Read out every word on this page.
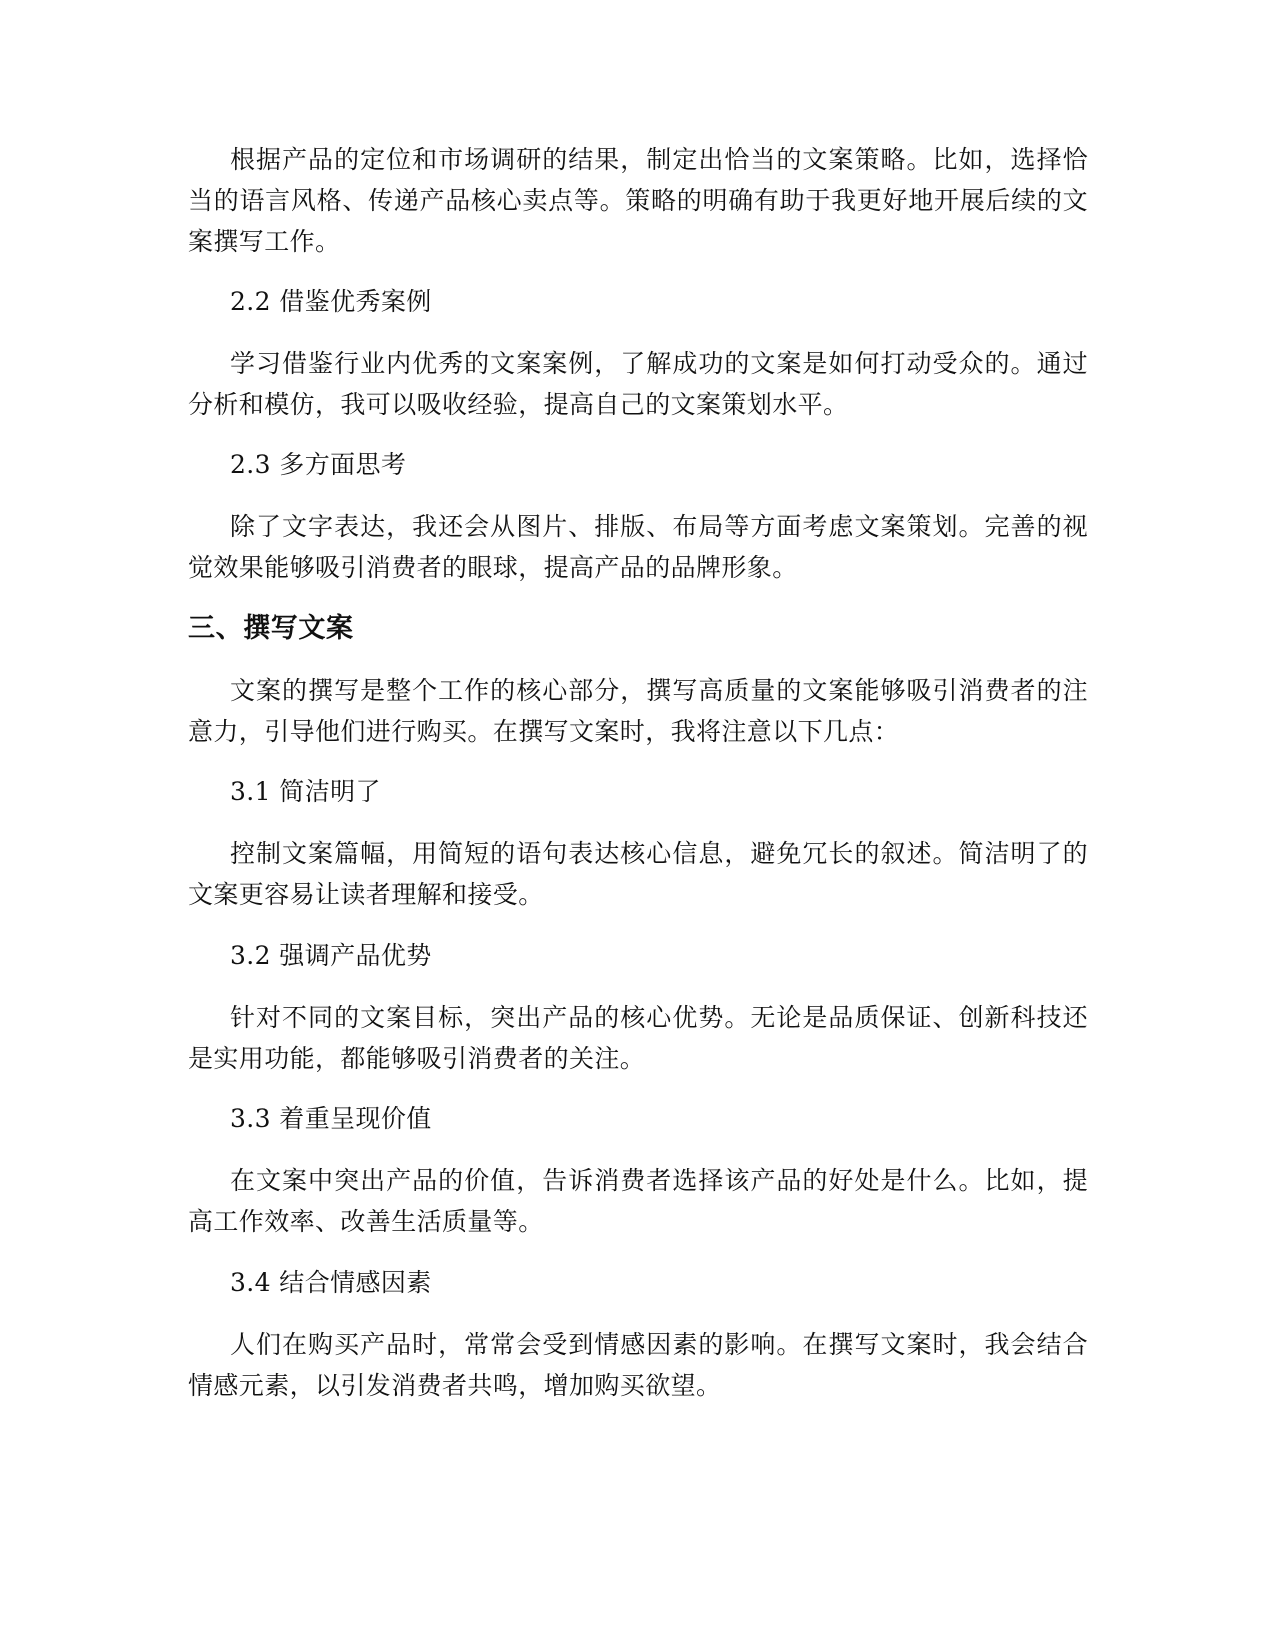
根据产品的定位和市场调研的结果，制定出恰当的文案策略。比如，选择恰当的语言风格、传递产品核心卖点等。策略的明确有助于我更好地开展后续的文案撰写工作。

2.2 借鉴优秀案例

学习借鉴行业内优秀的文案案例，了解成功的文案是如何打动受众的。通过分析和模仿，我可以吸收经验，提高自己的文案策划水平。

2.3 多方面思考

除了文字表达，我还会从图片、排版、布局等方面考虑文案策划。完善的视觉效果能够吸引消费者的眼球，提高产品的品牌形象。

三、撰写文案

文案的撰写是整个工作的核心部分，撰写高质量的文案能够吸引消费者的注意力，引导他们进行购买。在撰写文案时，我将注意以下几点：

3.1 简洁明了

控制文案篇幅，用简短的语句表达核心信息，避免冗长的叙述。简洁明了的文案更容易让读者理解和接受。

3.2 强调产品优势

针对不同的文案目标，突出产品的核心优势。无论是品质保证、创新科技还是实用功能，都能够吸引消费者的关注。

3.3 着重呈现价值

在文案中突出产品的价值，告诉消费者选择该产品的好处是什么。比如，提高工作效率、改善生活质量等。

3.4 结合情感因素

人们在购买产品时，常常会受到情感因素的影响。在撰写文案时，我会结合情感元素，以引发消费者共鸣，增加购买欲望。
